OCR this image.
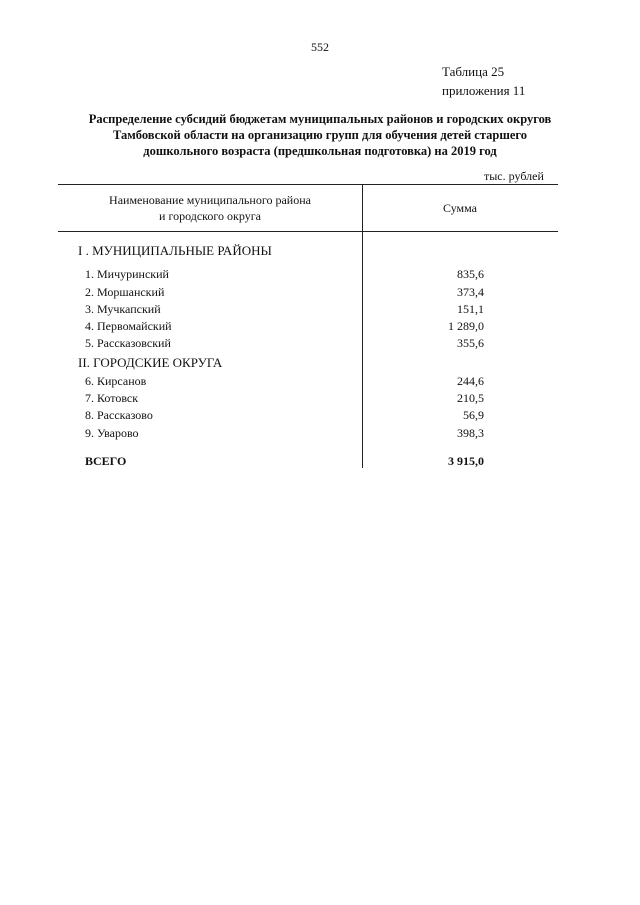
552
Таблица 25
приложения 11
Распределение субсидий бюджетам муниципальных районов и городских округов
Тамбовской области на организацию групп для обучения детей старшего
дошкольного возраста (предшкольная подготовка) на 2019 год
тыс. рублей
Наименование муниципального района
и городского округа
Сумма
I . МУНИЦИПАЛЬНЫЕ РАЙОНЫ
1. Мичуринский	835,6
2. Моршанский	373,4
3. Мучкапский	151,1
4. Первомайский	1 289,0
5. Рассказовский	355,6
II. ГОРОДСКИЕ ОКРУГА
6. Кирсанов	244,6
7. Котовск	210,5
8. Рассказово	56,9
9. Уварово	398,3
ВСЕГО	3 915,0
